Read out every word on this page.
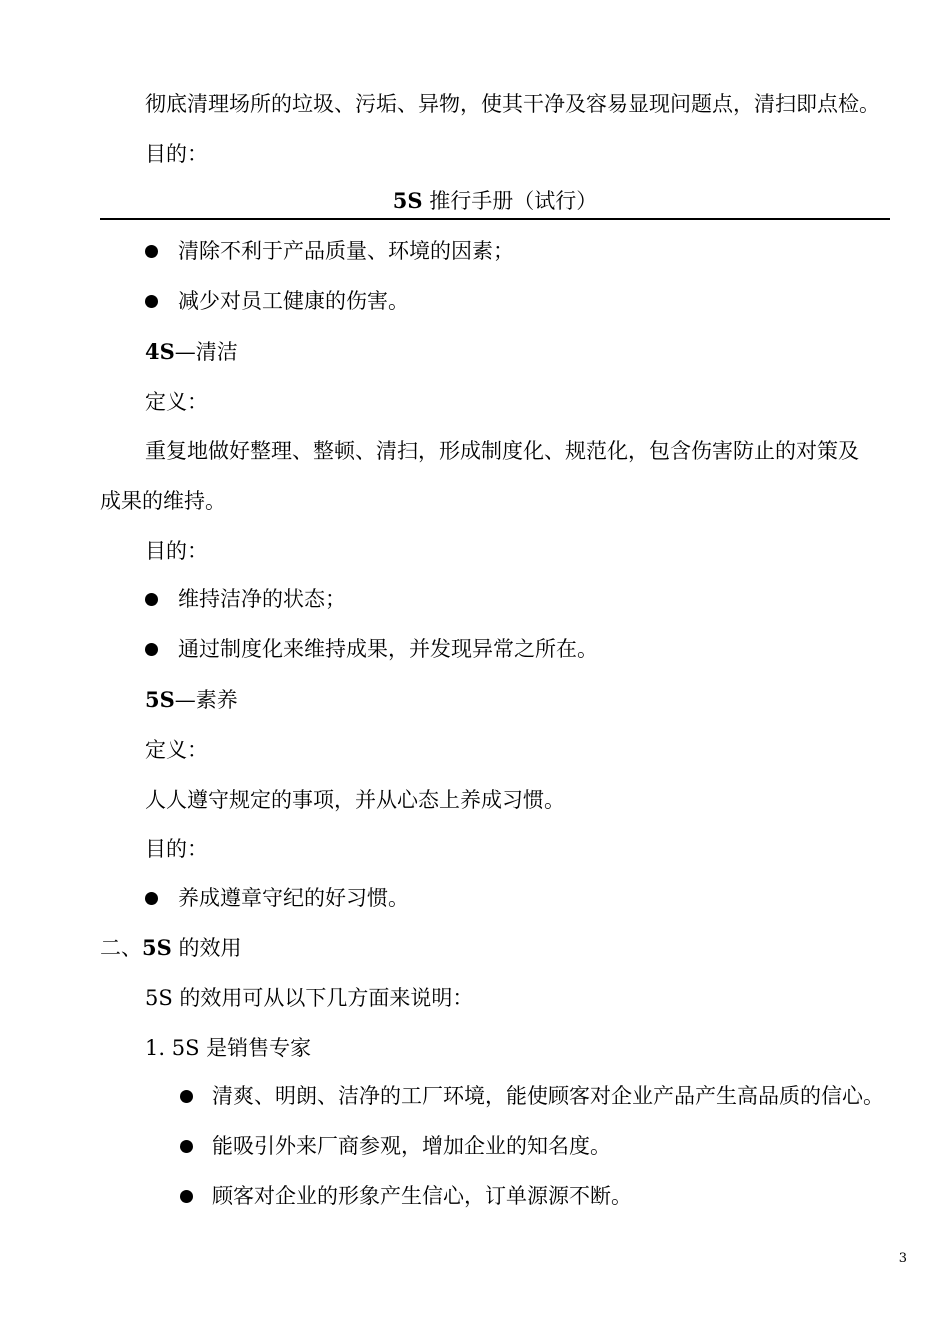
彻底清理场所的垃圾、污垢、异物，使其干净及容易显现问题点，清扫即点检。
目的：
5S 推行手册（试行）
清除不利于产品质量、环境的因素；
减少对员工健康的伤害。
4S—清洁
定义：
重复地做好整理、整顿、清扫，形成制度化、规范化，包含伤害防止的对策及
成果的维持。
目的：
维持洁净的状态；
通过制度化来维持成果，并发现异常之所在。
5S—素养
定义：
人人遵守规定的事项，并从心态上养成习惯。
目的：
养成遵章守纪的好习惯。
二、5S 的效用
5S 的效用可从以下几方面来说明：
1. 5S 是销售专家
清爽、明朗、洁净的工厂环境，能使顾客对企业产品产生高品质的信心。
能吸引外来厂商参观，增加企业的知名度。
顾客对企业的形象产生信心，订单源源不断。
3
